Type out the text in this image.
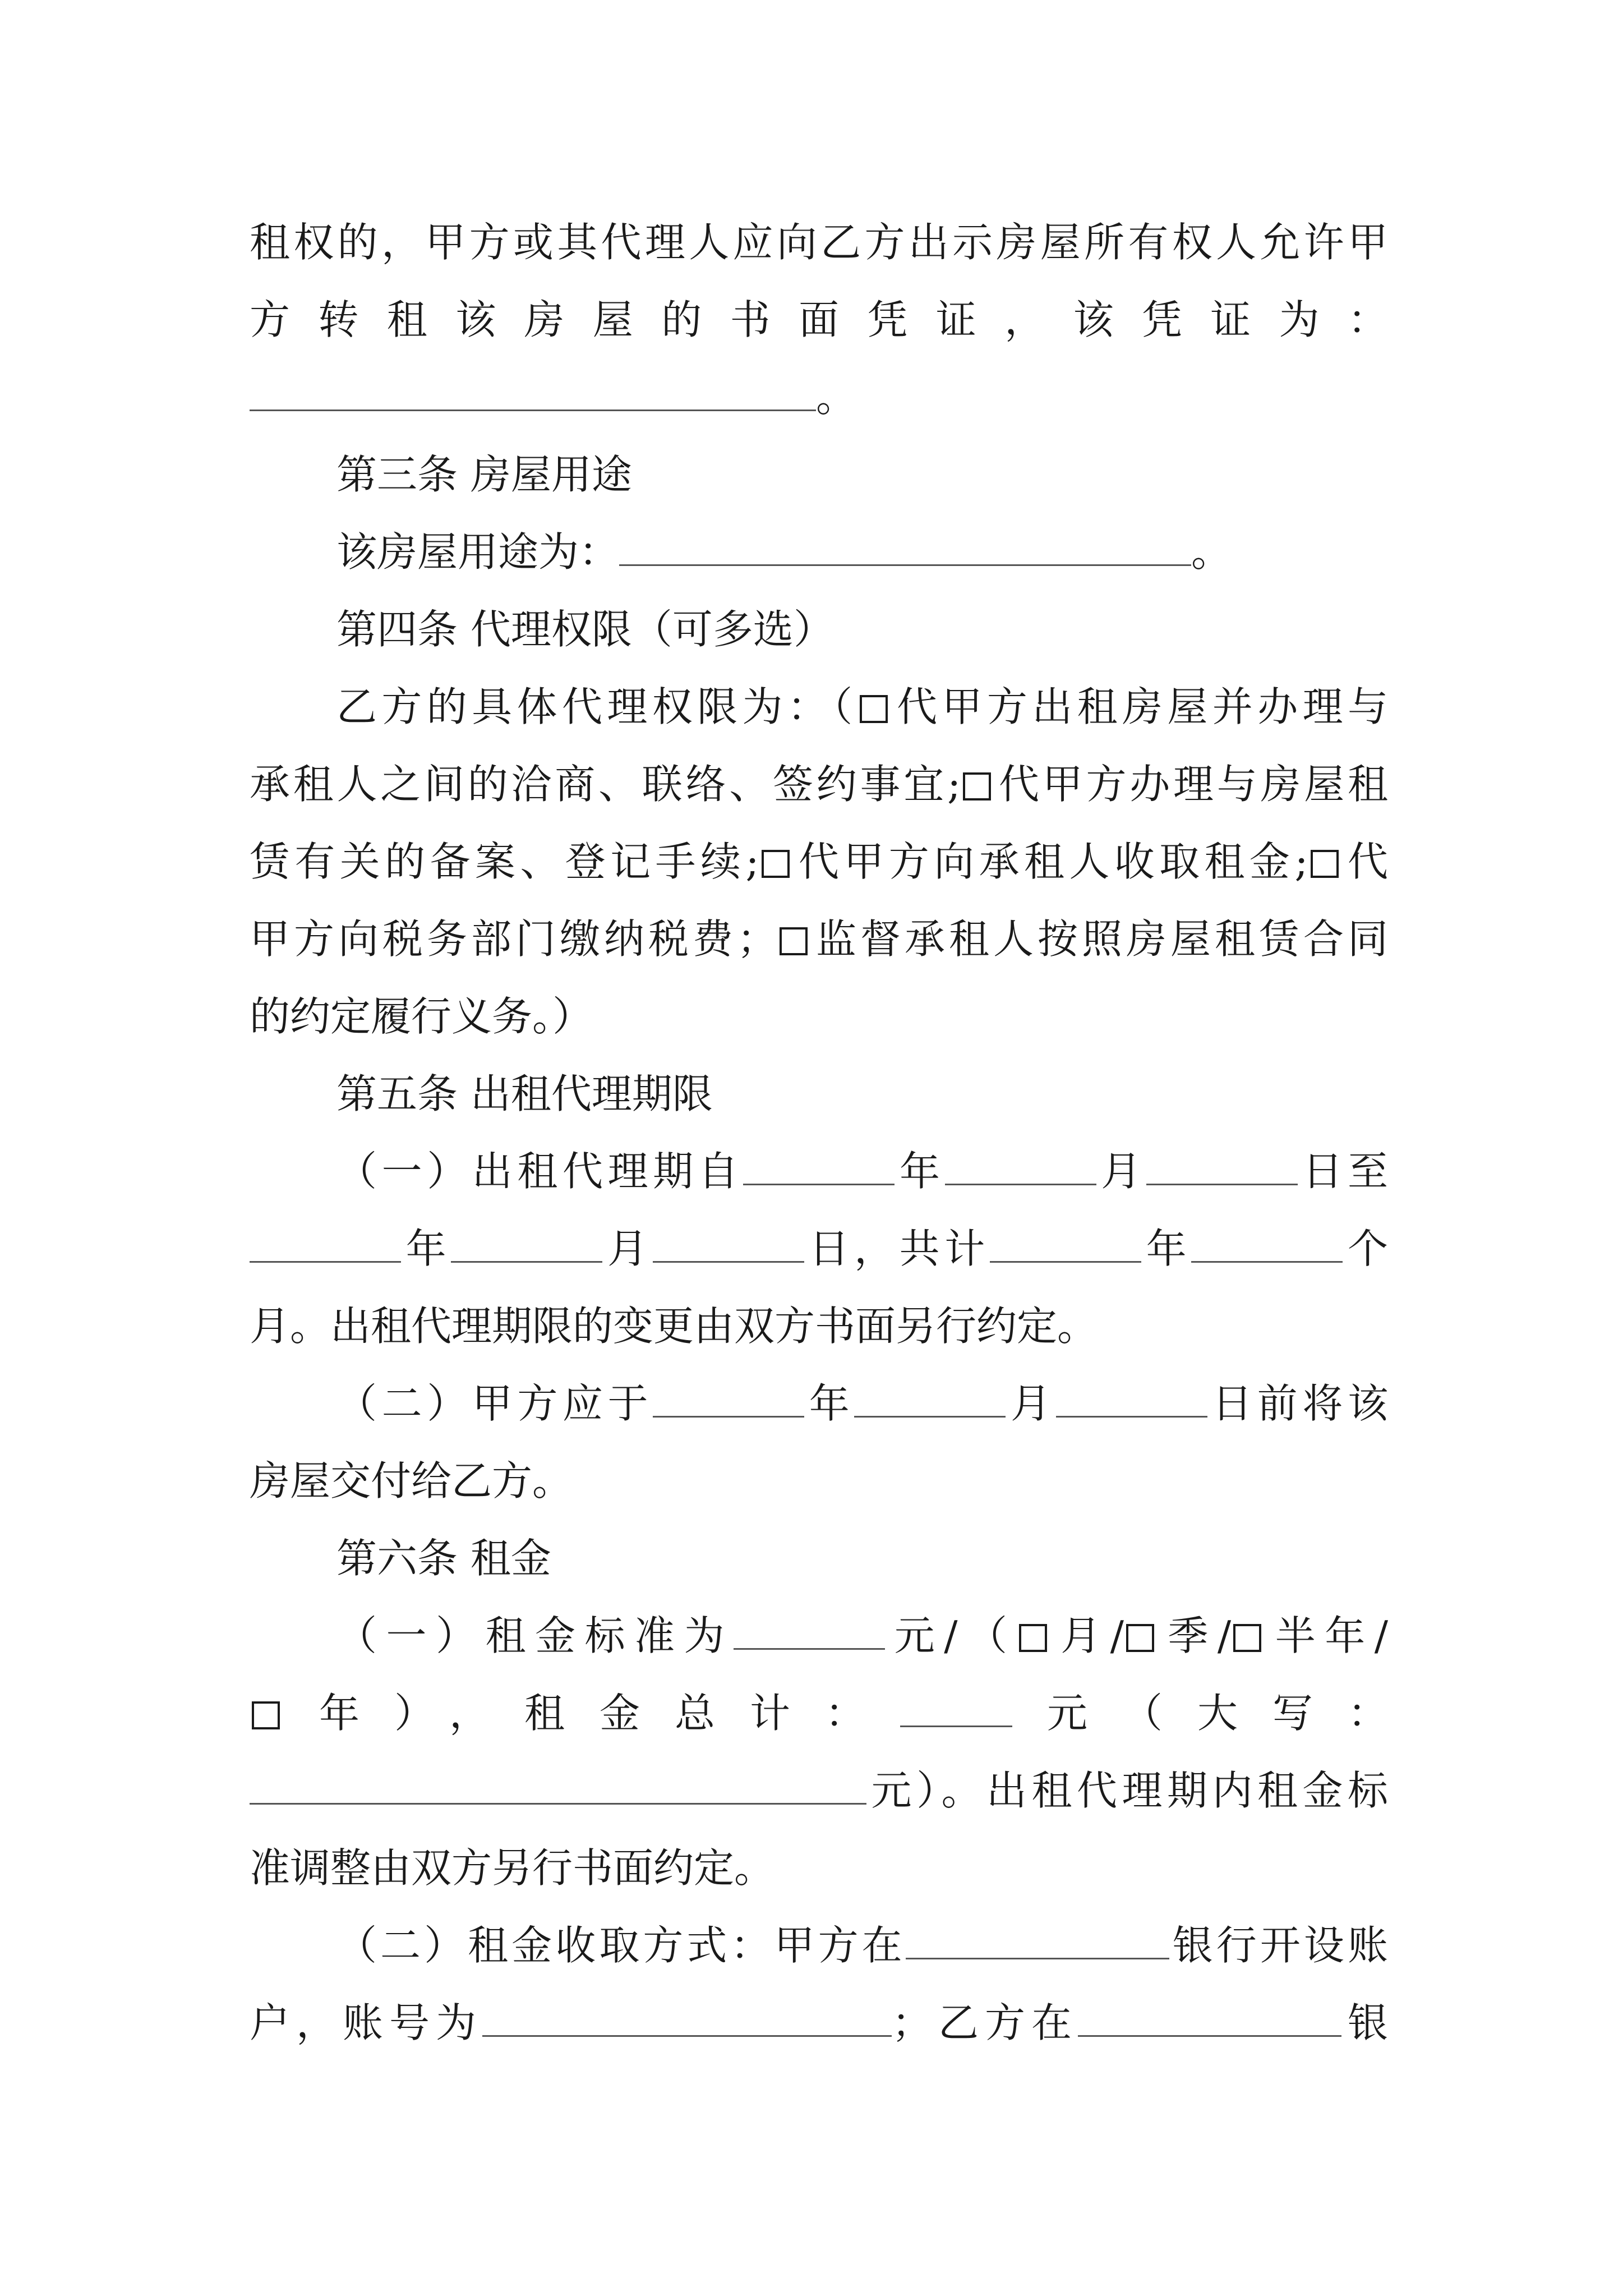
租权的，甲方或其代理人应向乙方出示房屋所有权人允许甲
方转租该房屋的书面凭证，该凭证为：
。
第三条 房屋用途
该房屋用途为：	。
第四条 代理权限（可多选）
乙方的具体代理权限为：（ 代甲方出租房屋并办理与
承租人之间的洽商、联络、签约事宜; 代甲方办理与房屋租
赁有关的备案、登记手续; 代甲方向承租人收取租金; 代
甲方向税务部门缴纳税费； 监督承租人按照房屋租赁合同
的约定履行义务。）
第五条 出租代理期限
（一）出租代理期自	年	月	日至
年	月	日，共计	年	个
月。出租代理期限的变更由双方书面另行约定。
（二）甲方应于	年	月	日前将该
房屋交付给乙方。
第六条 租金
（一）租金标准为	元/（ 月/ 季/ 半年/
年），租金总计：	元（大写：
元）。出租代理期内租金标
准调整由双方另行书面约定。
（二）租金收取方式：甲方在	银行开设账
户，账号为	；乙方在	银
